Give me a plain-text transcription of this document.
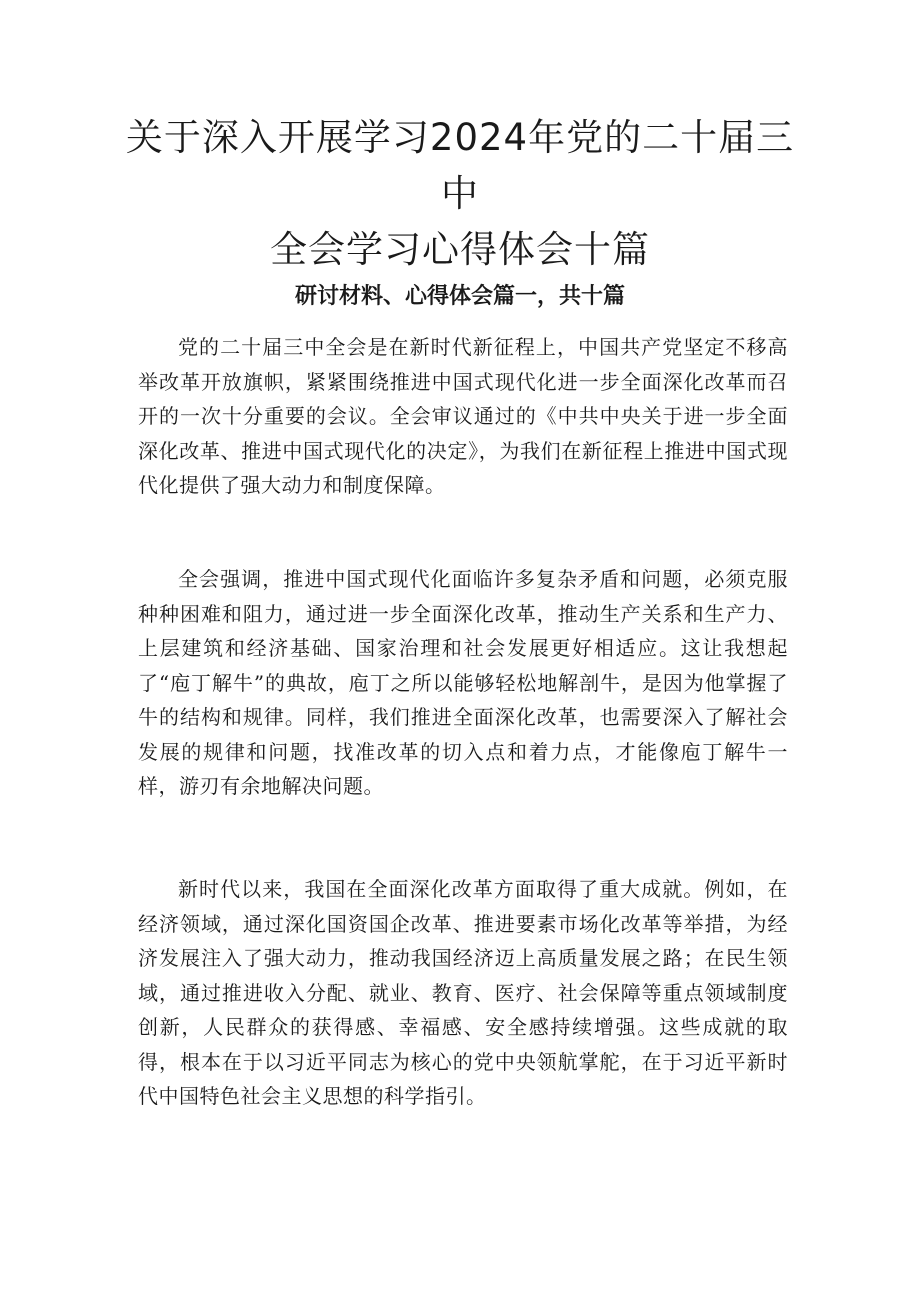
关于深入开展学习2024年党的二十届三中
全会学习心得体会十篇
研讨材料、心得体会篇一，共十篇

党的二十届三中全会是在新时代新征程上，中国共产党坚定不移高举改革开放旗帜，紧紧围绕推进中国式现代化进一步全面深化改革而召开的一次十分重要的会议。全会审议通过的《中共中央关于进一步全面深化改革、推进中国式现代化的决定》，为我们在新征程上推进中国式现代化提供了强大动力和制度保障。

全会强调，推进中国式现代化面临许多复杂矛盾和问题，必须克服种种困难和阻力，通过进一步全面深化改革，推动生产关系和生产力、上层建筑和经济基础、国家治理和社会发展更好相适应。这让我想起了“庖丁解牛”的典故，庖丁之所以能够轻松地解剖牛，是因为他掌握了牛的结构和规律。同样，我们推进全面深化改革，也需要深入了解社会发展的规律和问题，找准改革的切入点和着力点，才能像庖丁解牛一样，游刃有余地解决问题。

新时代以来，我国在全面深化改革方面取得了重大成就。例如，在经济领域，通过深化国资国企改革、推进要素市场化改革等举措，为经济发展注入了强大动力，推动我国经济迈上高质量发展之路；在民生领域，通过推进收入分配、就业、教育、医疗、社会保障等重点领域制度创新，人民群众的获得感、幸福感、安全感持续增强。这些成就的取得，根本在于以习近平同志为核心的党中央领航掌舵，在于习近平新时代中国特色社会主义思想的科学指引。
